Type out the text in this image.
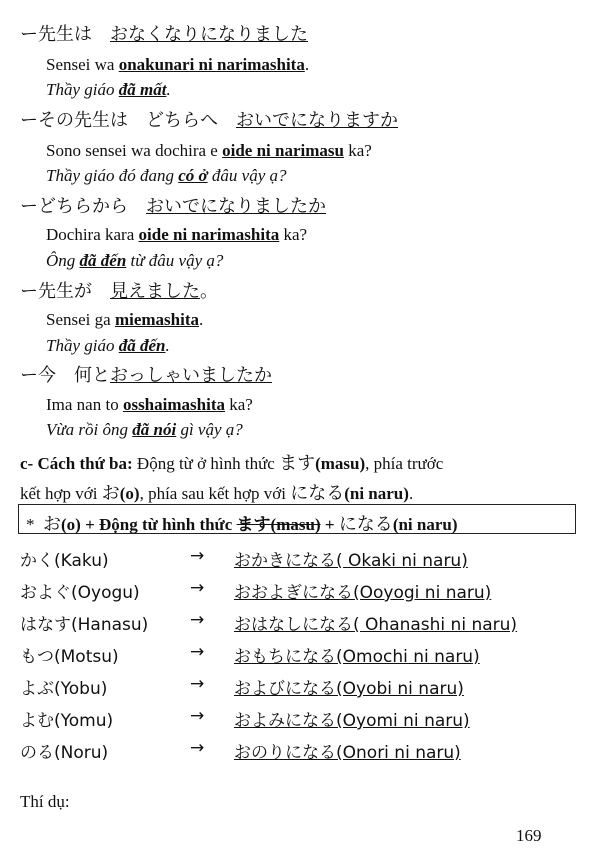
ー先生は　おなくなりになりました
Sensei wa onakunari ni narimashita.
Thầy giáo đã mất.
ーその先生は　どちらへ　おいでになりますか
Sono sensei wa dochira e oide ni narimasu ka?
Thầy giáo đó đang có ở đâu vậy ạ?
ーどちらから　おいでになりましたか
Dochira kara oide ni narimashita ka?
Ông đã đến từ đâu vậy ạ?
ー先生が　見えました。
Sensei ga miemashita.
Thầy giáo đã đến.
ー今　何とおっしゃいましたか
Ima nan to osshaimashita ka?
Vừa rồi ông đã nói gì vậy ạ?
c- Cách thứ ba: Động từ ở hình thức ます(masu), phía trước
kết hợp với お(o), phía sau kết hợp với になる(ni naru).
* お(o) + Động từ hình thức ます(masu) + になる(ni naru)
かく(Kaku)	→ おかきになる( Okaki ni naru)
およぐ(Oyogu)	→ おおよぎになる(Ooyogi ni naru)
はなす(Hanasu) → おはなしになる( Ohanashi ni naru)
もつ(Motsu)	→ おもちになる(Omochi ni naru)
よぶ(Yobu)	→ およびになる(Oyobi ni naru)
よむ(Yomu)	→ およみになる(Oyomi ni naru)
のる(Noru)	→ おのりになる(Onori ni naru)
Thí dụ:
169
